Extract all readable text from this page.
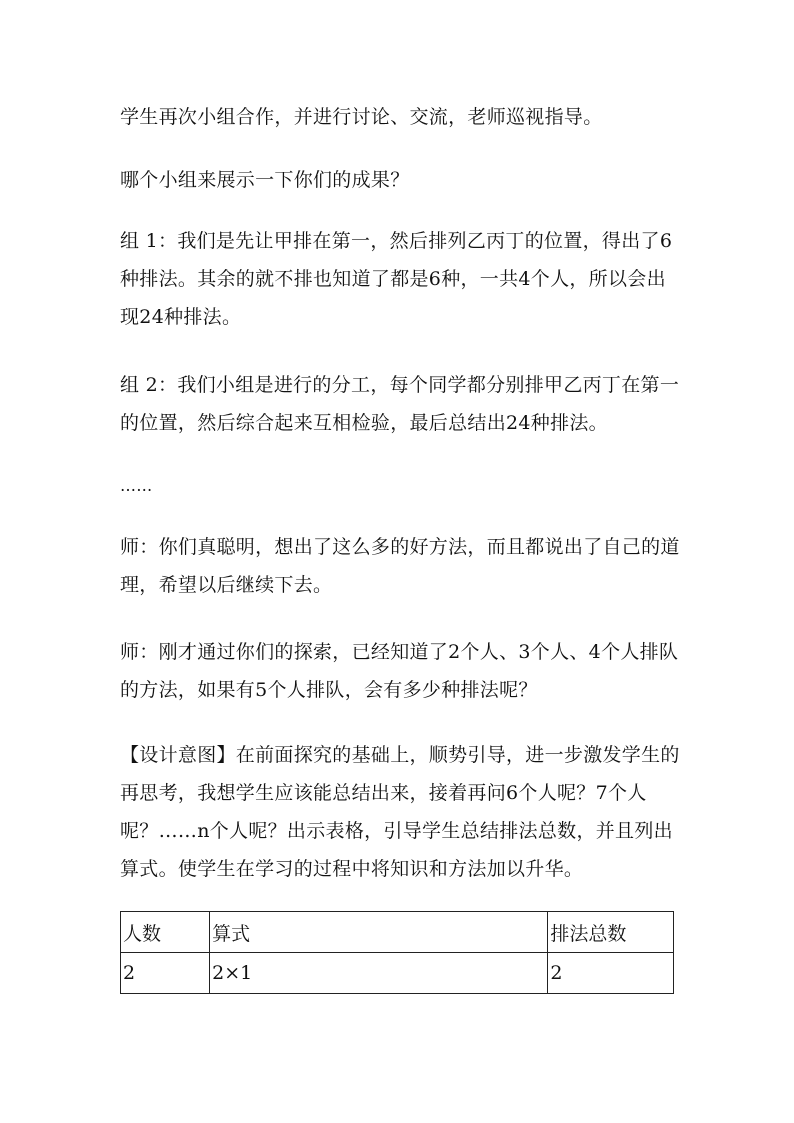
学生再次小组合作，并进行讨论、交流，老师巡视指导。

哪个小组来展示一下你们的成果？

组 1：我们是先让甲排在第一，然后排列乙丙丁的位置，得出了6
种排法。其余的就不排也知道了都是6种，一共4个人，所以会出
现24种排法。

组 2：我们小组是进行的分工，每个同学都分别排甲乙丙丁在第一
的位置，然后综合起来互相检验，最后总结出24种排法。

……

师：你们真聪明，想出了这么多的好方法，而且都说出了自己的道
理，希望以后继续下去。

师：刚才通过你们的探索，已经知道了2个人、3个人、4个人排队
的方法，如果有5个人排队，会有多少种排法呢？

【设计意图】在前面探究的基础上，顺势引导，进一步激发学生的
再思考，我想学生应该能总结出来，接着再问6个人呢？7个人
呢？……n个人呢？出示表格，引导学生总结排法总数，并且列出
算式。使学生在学习的过程中将知识和方法加以升华。

人数	算式	排法总数
2	2×1	2
